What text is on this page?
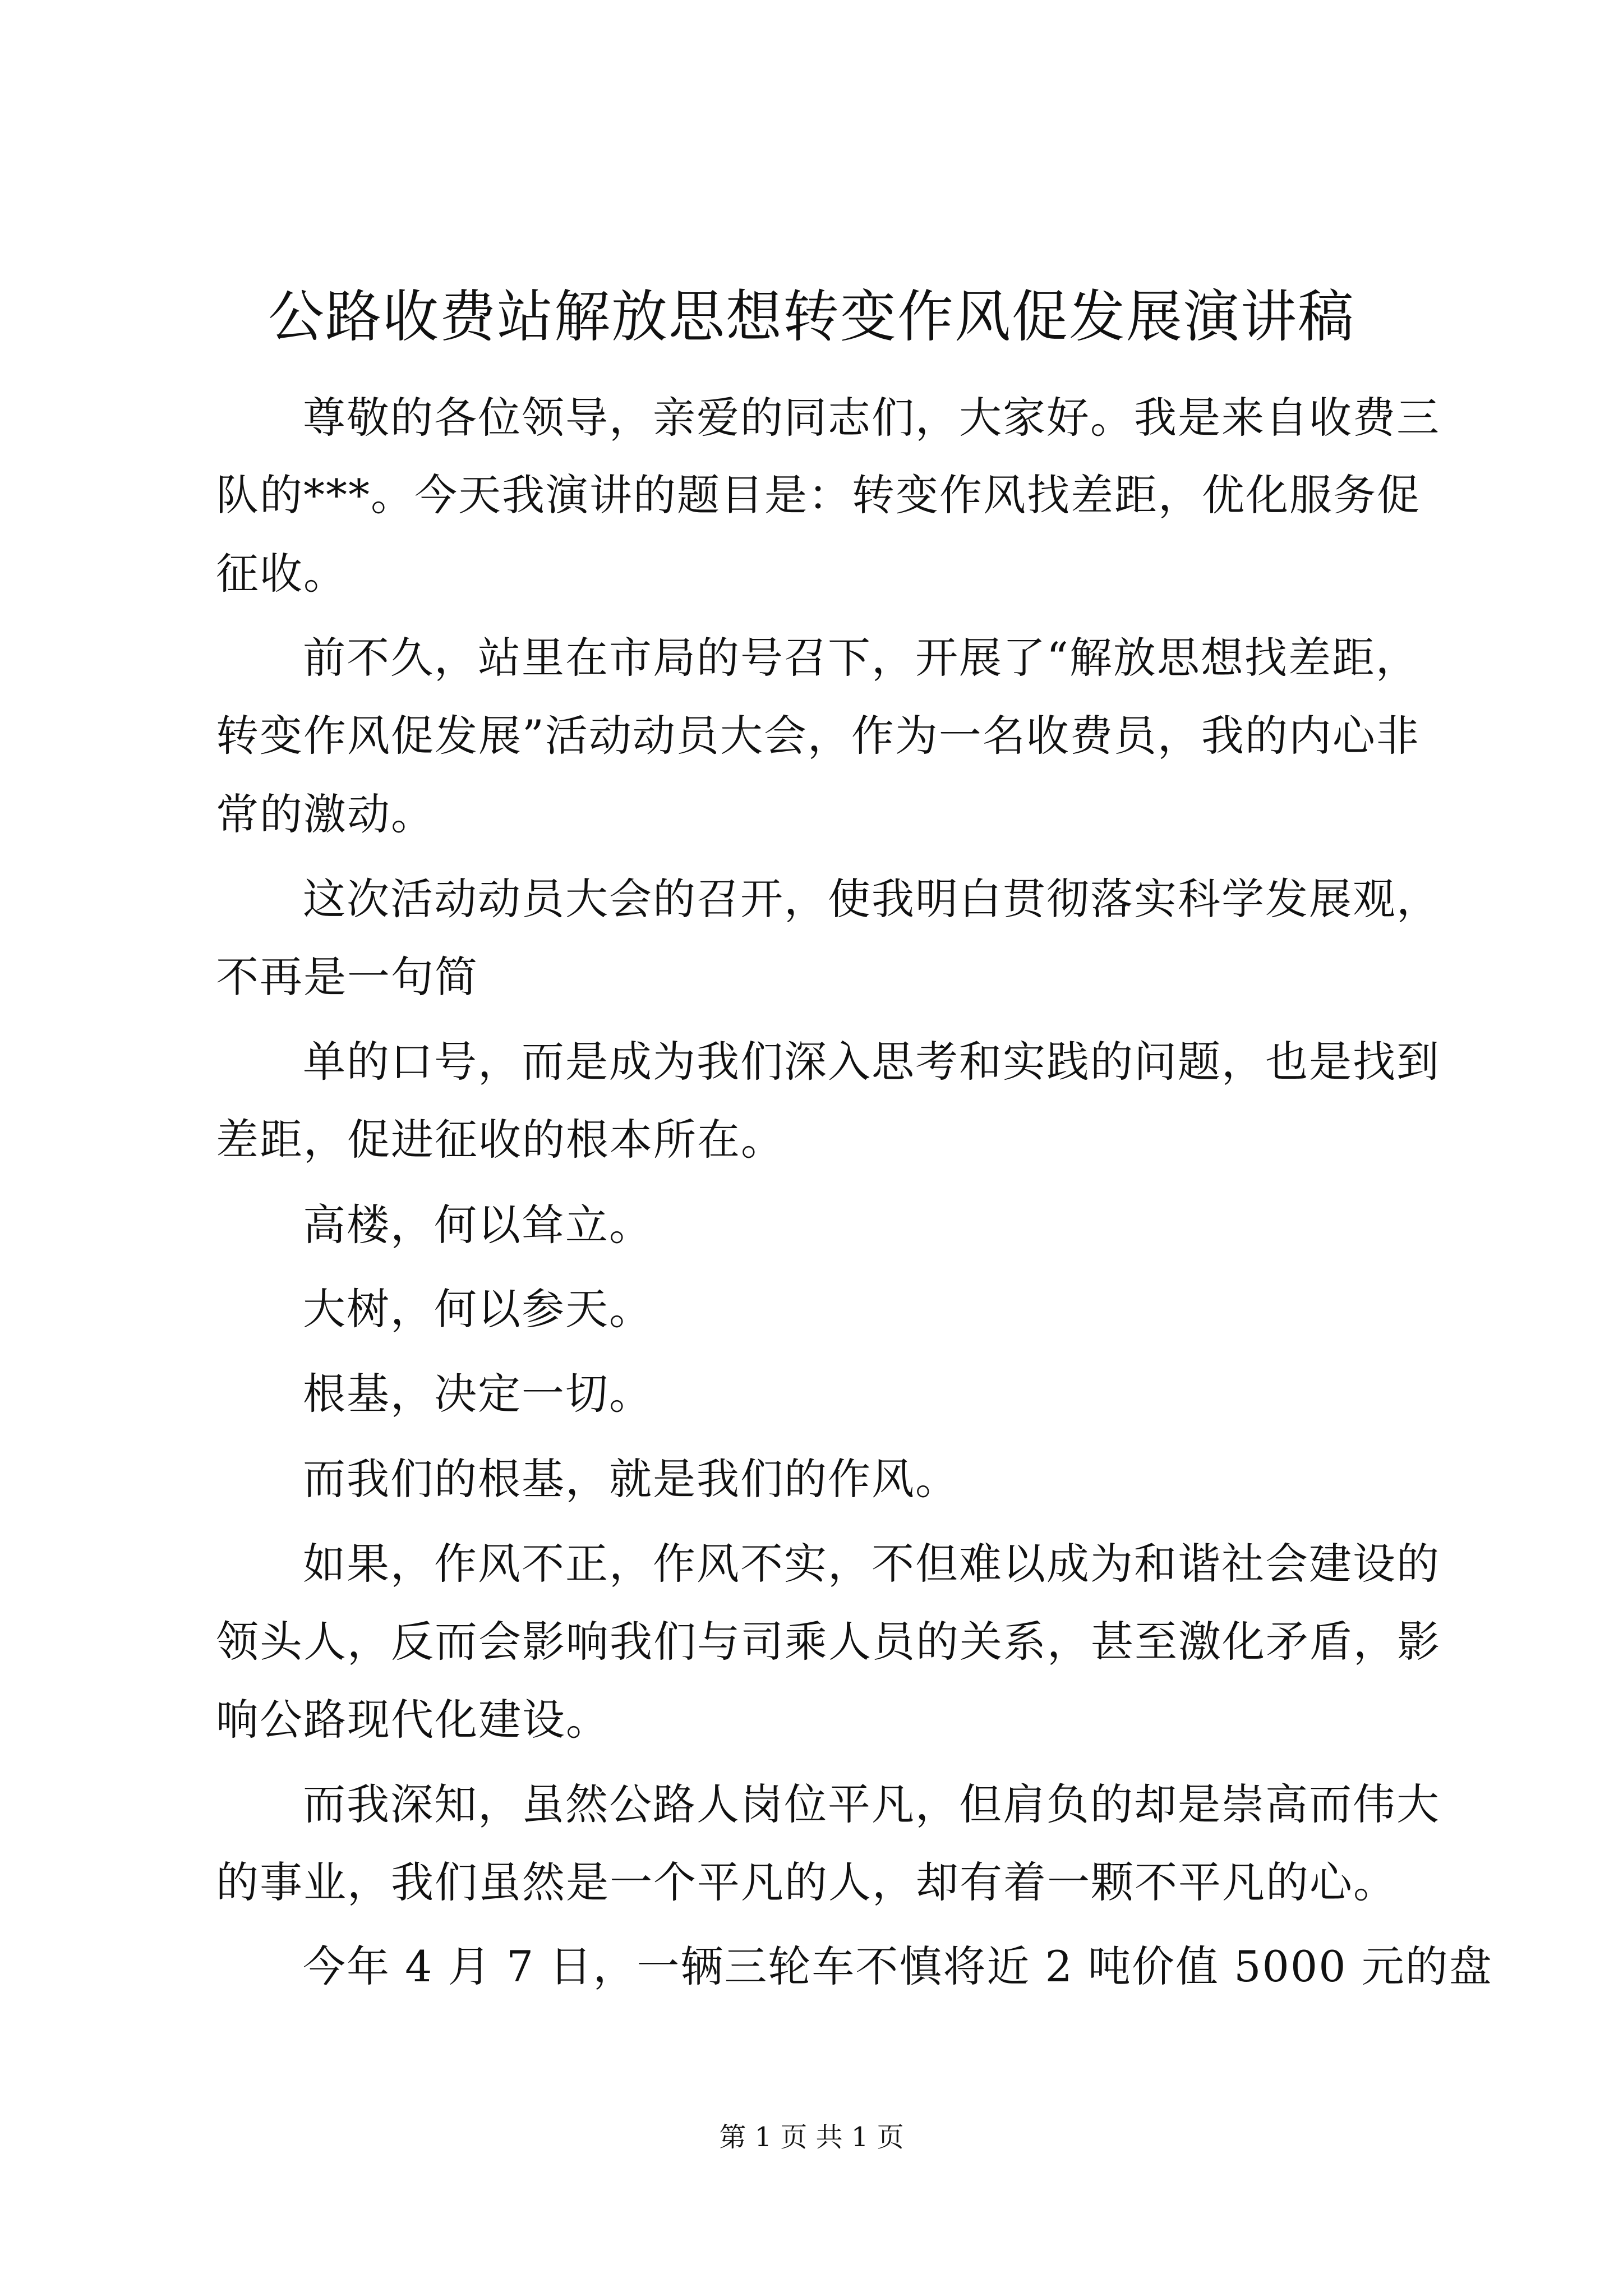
公路收费站解放思想转变作风促发展演讲稿

尊敬的各位领导，亲爱的同志们，大家好。我是来自收费三

队的***。今天我演讲的题目是：转变作风找差距，优化服务促

征收。

前不久，站里在市局的号召下，开展了“解放思想找差距，

转变作风促发展”活动动员大会，作为一名收费员，我的内心非

常的激动。

这次活动动员大会的召开，使我明白贯彻落实科学发展观，

不再是一句简

单的口号，而是成为我们深入思考和实践的问题，也是找到

差距，促进征收的根本所在。

高楼，何以耸立。

大树，何以参天。

根基，决定一切。

而我们的根基，就是我们的作风。

如果，作风不正，作风不实，不但难以成为和谐社会建设的

领头人，反而会影响我们与司乘人员的关系，甚至激化矛盾，影

响公路现代化建设。

而我深知，虽然公路人岗位平凡，但肩负的却是崇高而伟大

的事业，我们虽然是一个平凡的人，却有着一颗不平凡的心。

今年 4 月 7 日，一辆三轮车不慎将近 2 吨价值 5000 元的盘

第 1 页 共 1 页
